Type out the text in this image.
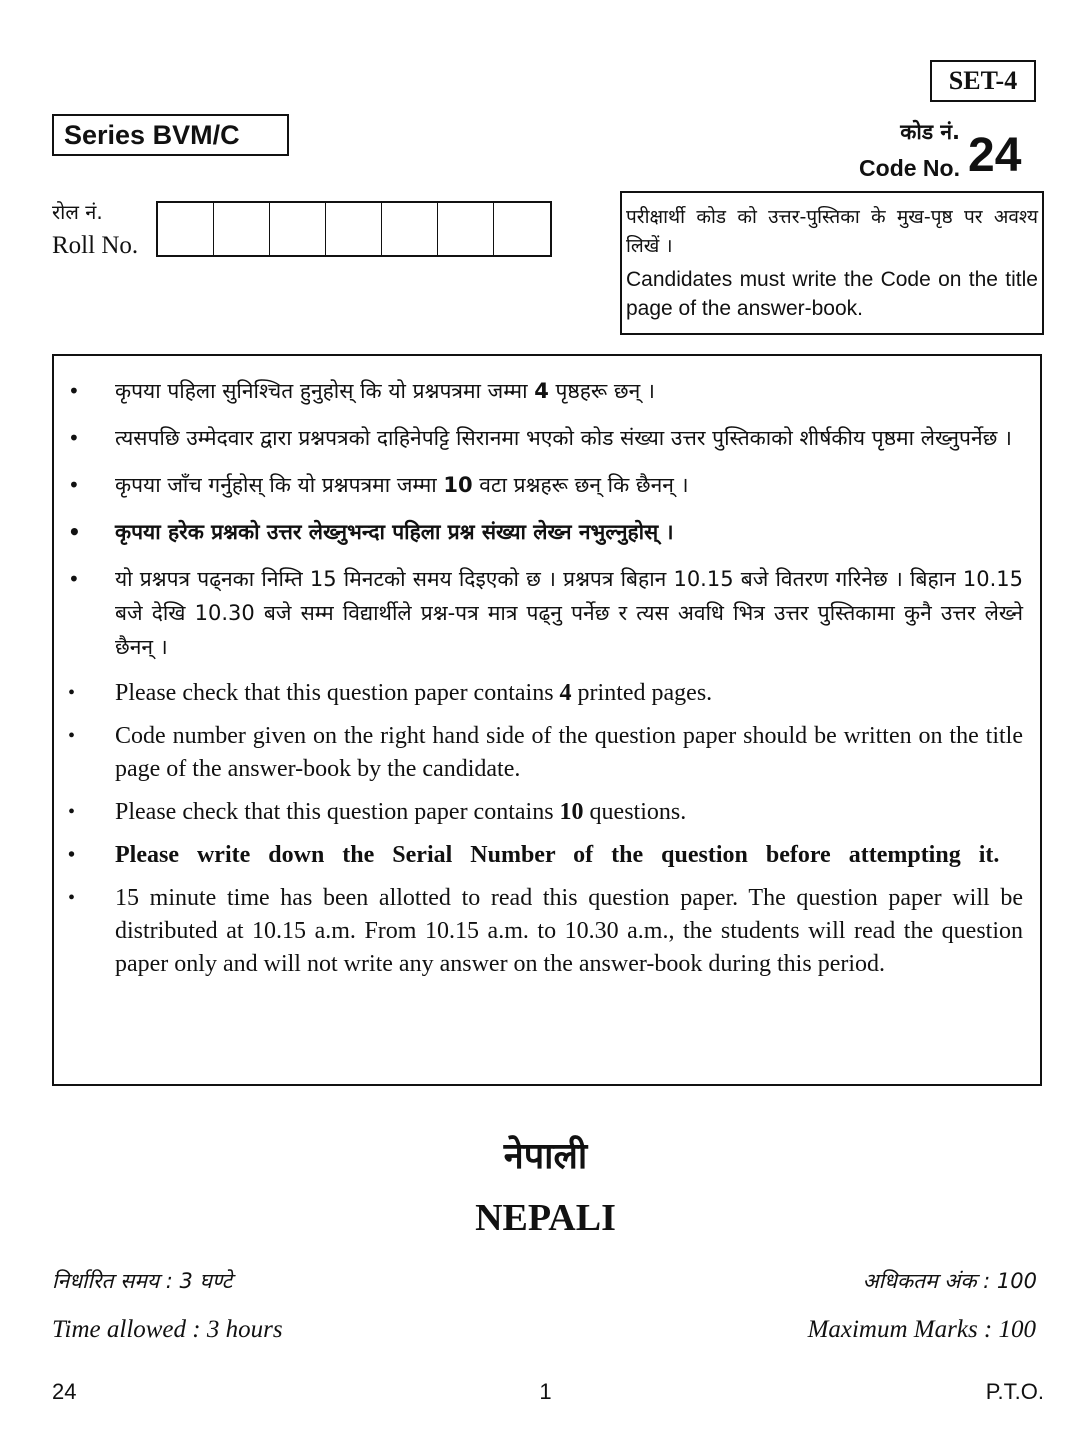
SET-4
Series BVM/C	कोड नं.
Code No. 24
रोल नं.
Roll No.
परीक्षार्थी कोड को उत्तर-पुस्तिका के मुख-पृष्ठ पर अवश्य लिखें ।
Candidates must write the Code on the title page of the answer-book.
• कृपया पहिला सुनिश्चित हुनुहोस् कि यो प्रश्नपत्रमा जम्मा 4 पृष्ठहरू छन् ।
• त्यसपछि उम्मेदवार द्वारा प्रश्नपत्रको दाहिनेपट्टि सिरानमा भएको कोड संख्या उत्तर पुस्तिकाको शीर्षकीय पृष्ठमा लेख्नुपर्नेछ ।
• कृपया जाँच गर्नुहोस् कि यो प्रश्नपत्रमा जम्मा 10 वटा प्रश्नहरू छन् कि छैनन् ।
• कृपया हरेक प्रश्नको उत्तर लेख्नुभन्दा पहिला प्रश्न संख्या लेख्न नभुल्नुहोस् ।
• यो प्रश्नपत्र पढ्नका निम्ति 15 मिनटको समय दिइएको छ । प्रश्नपत्र बिहान 10.15 बजे वितरण गरिनेछ । बिहान 10.15 बजे देखि 10.30 बजे सम्म विद्यार्थीले प्रश्न-पत्र मात्र पढ्नु पर्नेछ र त्यस अवधि भित्र उत्तर पुस्तिकामा कुनै उत्तर लेख्ने छैनन् ।
• Please check that this question paper contains 4 printed pages.
• Code number given on the right hand side of the question paper should be written on the title page of the answer-book by the candidate.
• Please check that this question paper contains 10 questions.
• Please write down the Serial Number of the question before attempting it.
• 15 minute time has been allotted to read this question paper. The question paper will be distributed at 10.15 a.m. From 10.15 a.m. to 10.30 a.m., the students will read the question paper only and will not write any answer on the answer-book during this period.
नेपाली
NEPALI
निर्धारित समय : 3 घण्टे
Time allowed : 3 hours
अधिकतम अंक : 100
Maximum Marks : 100
24	1	P.T.O.
